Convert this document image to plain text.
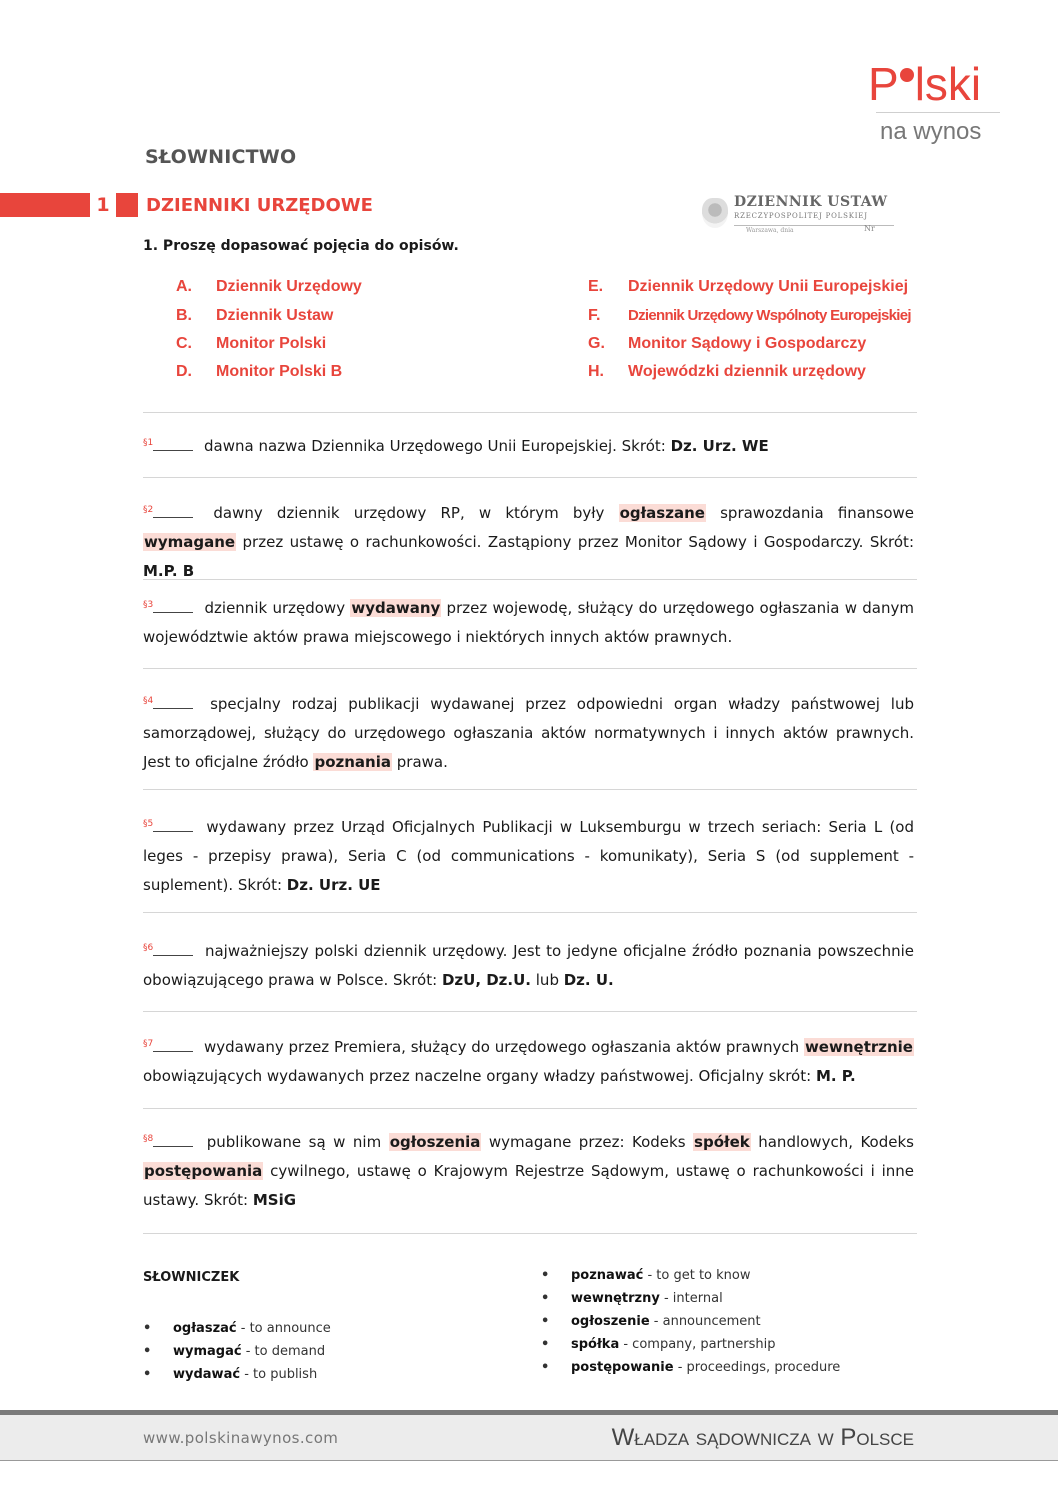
P lski
na wynos
SŁOWNICTWO
1 DZIENNIKI URZĘDOWE	DZIENNIK USTAW
RZECZYPOSPOLITEJ POLSKIEJ
Warszawa, dnia	Nr
1. Proszę dopasować pojęcia do opisów.
A. Dziennik Urzędowy
B. Dziennik Ustaw
C. Monitor Polski
D. Monitor Polski B
E. Dziennik Urzędowy Unii Europejskiej
F. Dziennik Urzędowy Wspólnoty Europejskiej
G. Monitor Sądowy i Gospodarczy
H. Wojewódzki dziennik urzędowy
$^{\S 1}$	dawna nazwa Dziennika Urzędowego Unii Europejskiej. Skrót: Dz. Urz. WE
$^{\S 2}$	dawny dziennik urzędowy RP, w którym były ogłaszane sprawozdania finansowe wymagane przez ustawę o rachunkowości. Zastąpiony przez Monitor Sądowy i Gospodarczy. Skrót: M.P. B
$^{\S 3}$	dziennik urzędowy wydawany przez wojewodę, służący do urzędowego ogłaszania w danym województwie aktów prawa miejscowego i niektórych innych aktów prawnych.
$^{\S 4}$	specjalny rodzaj publikacji wydawanej przez odpowiedni organ władzy państwowej lub samorządowej, służący do urzędowego ogłaszania aktów normatywnych i innych aktów prawnych. Jest to oficjalne źródło poznania prawa.
$^{\S 5}$	wydawany przez Urząd Oficjalnych Publikacji w Luksemburgu w trzech seriach: Seria L (od leges - przepisy prawa), Seria C (od communications - komunikaty), Seria S (od supplement - suplement). Skrót: Dz. Urz. UE
$^{\S 6}$	najważniejszy polski dziennik urzędowy. Jest to jedyne oficjalne źródło poznania powszechnie obowiązującego prawa w Polsce. Skrót: DzU, Dz.U. lub Dz. U.
$^{\S 7}$	wydawany przez Premiera, służący do urzędowego ogłaszania aktów prawnych wewnętrznie obowiązujących wydawanych przez naczelne organy władzy państwowej. Oficjalny skrót: M. P.
$^{\S 8}$	publikowane są w nim ogłoszenia wymagane przez: Kodeks spółek handlowych, Kodeks postępowania cywilnego, ustawę o Krajowym Rejestrze Sądowym, ustawę o rachunkowości i inne ustawy. Skrót: MSiG
SŁOWNICZEK
• ogłaszać - to announce
• wymagać - to demand
• wydawać - to publish
• poznawać - to get to know
• wewnętrzny - internal
• ogłoszenie - announcement
• spółka - company, partnership
• postępowanie - proceedings, procedure
www.polskinawynos.com	Władza sądownicza w Polsce
